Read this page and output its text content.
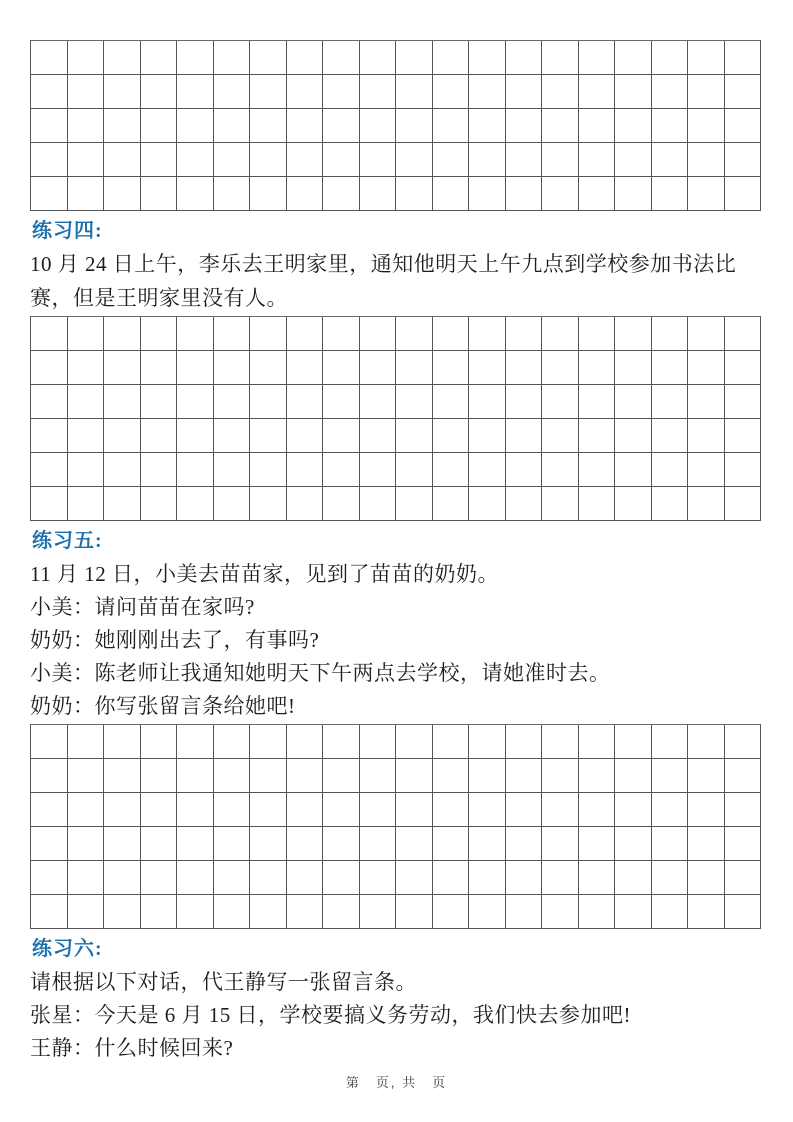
练习四:
10 月 24 日上午，李乐去王明家里，通知他明天上午九点到学校参加书法比赛，但是王明家里没有人。
练习五:

11 月 12 日，小美去苗苗家，见到了苗苗的奶奶。

小美：请问苗苗在家吗?

奶奶：她刚刚出去了，有事吗?

小美：陈老师让我通知她明天下午两点去学校，请她准时去。

奶奶：你写张留言条给她吧!

练习六:

请根据以下对话，代王静写一张留言条。

张星：今天是 6 月 15 日，学校要搞义务劳动，我们快去参加吧!

王静：什么时候回来?

第　页, 共　页
